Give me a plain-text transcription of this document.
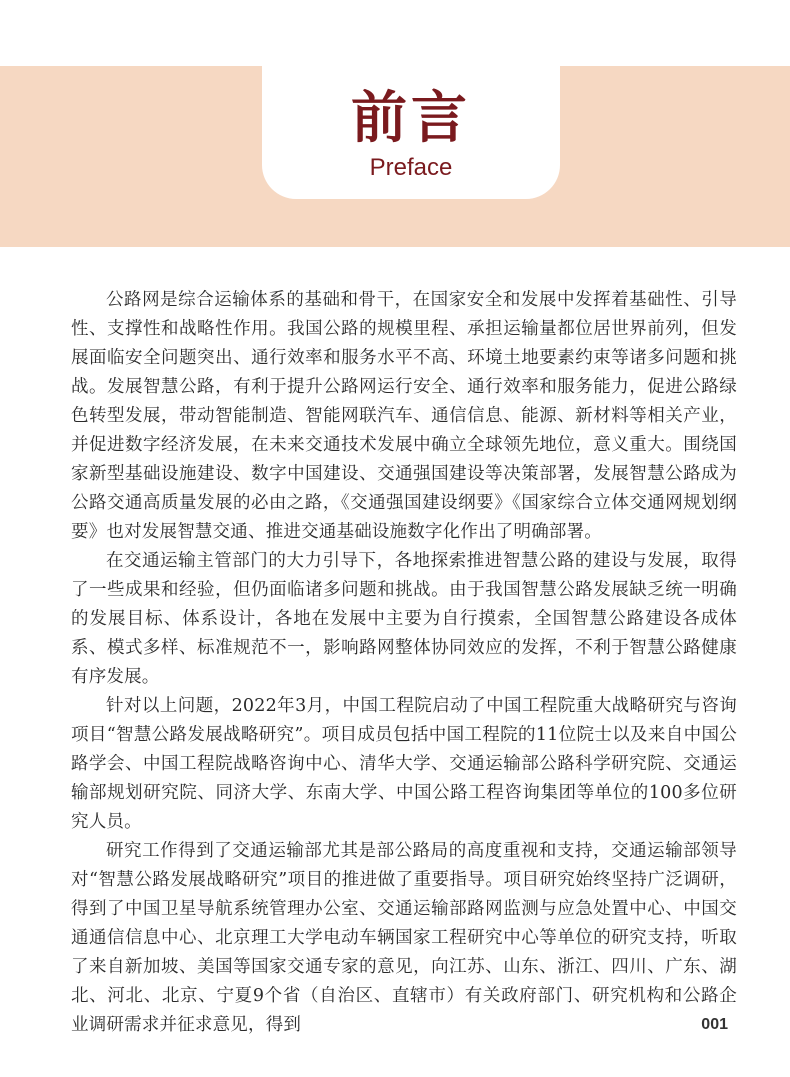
前言
Preface

公路网是综合运输体系的基础和骨干，在国家安全和发展中发挥着基础性、引导性、支撑性和战略性作用。我国公路的规模里程、承担运输量都位居世界前列，但发展面临安全问题突出、通行效率和服务水平不高、环境土地要素约束等诸多问题和挑战。发展智慧公路，有利于提升公路网运行安全、通行效率和服务能力，促进公路绿色转型发展，带动智能制造、智能网联汽车、通信信息、能源、新材料等相关产业，并促进数字经济发展，在未来交通技术发展中确立全球领先地位，意义重大。围绕国家新型基础设施建设、数字中国建设、交通强国建设等决策部署，发展智慧公路成为公路交通高质量发展的必由之路，《交通强国建设纲要》《国家综合立体交通网规划纲要》也对发展智慧交通、推进交通基础设施数字化作出了明确部署。

在交通运输主管部门的大力引导下，各地探索推进智慧公路的建设与发展，取得了一些成果和经验，但仍面临诸多问题和挑战。由于我国智慧公路发展缺乏统一明确的发展目标、体系设计，各地在发展中主要为自行摸索，全国智慧公路建设各成体系、模式多样、标准规范不一，影响路网整体协同效应的发挥，不利于智慧公路健康有序发展。

针对以上问题，2022年3月，中国工程院启动了中国工程院重大战略研究与咨询项目“智慧公路发展战略研究”。项目成员包括中国工程院的11位院士以及来自中国公路学会、中国工程院战略咨询中心、清华大学、交通运输部公路科学研究院、交通运输部规划研究院、同济大学、东南大学、中国公路工程咨询集团等单位的100多位研究人员。

研究工作得到了交通运输部尤其是部公路局的高度重视和支持，交通运输部领导对“智慧公路发展战略研究”项目的推进做了重要指导。项目研究始终坚持广泛调研，得到了中国卫星导航系统管理办公室、交通运输部路网监测与应急处置中心、中国交通通信信息中心、北京理工大学电动车辆国家工程研究中心等单位的研究支持，听取了来自新加坡、美国等国家交通专家的意见，向江苏、山东、浙江、四川、广东、湖北、河北、北京、宁夏9个省（自治区、直辖市）有关政府部门、研究机构和公路企业调研需求并征求意见，得到	001
